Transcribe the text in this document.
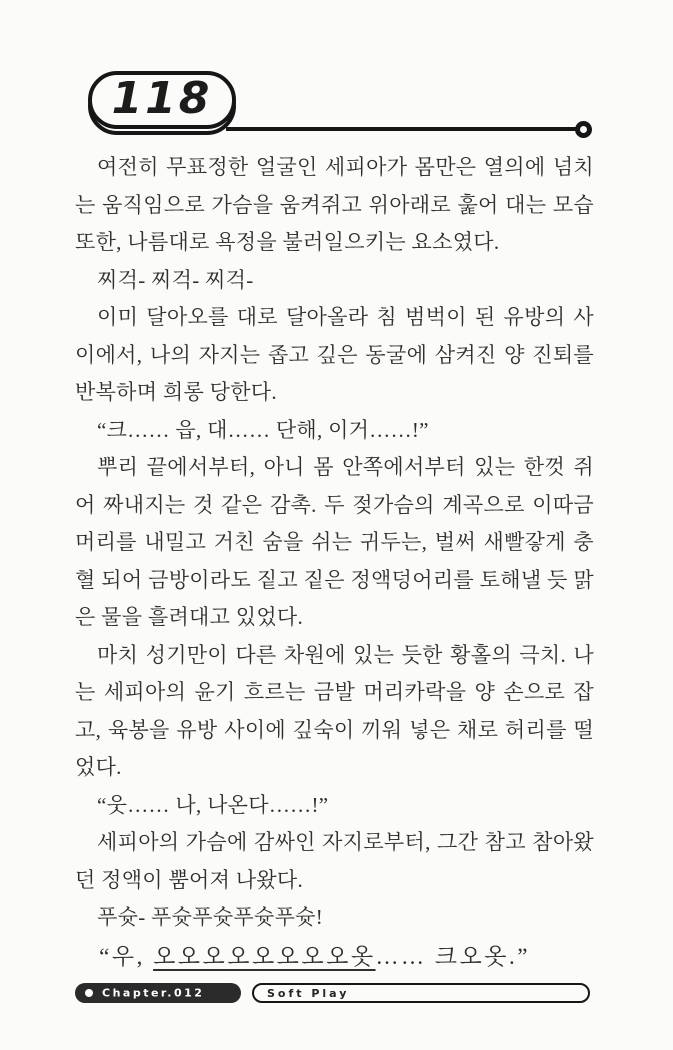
118

여전히 무표정한 얼굴인 세피아가 몸만은 열의에 넘치는 움직임으로 가슴을 움켜쥐고 위아래로 훑어 대는 모습 또한, 나름대로 욕정을 불러일으키는 요소였다.

찌걱- 찌걱- 찌걱-

이미 달아오를 대로 달아올라 침 범벅이 된 유방의 사이에서, 나의 자지는 좁고 깊은 동굴에 삼켜진 양 진퇴를 반복하며 희롱 당한다.

“크…… 읍, 대…… 단해, 이거……!”

뿌리 끝에서부터, 아니 몸 안쪽에서부터 있는 한껏 쥐어 짜내지는 것 같은 감촉. 두 젖가슴의 계곡으로 이따금 머리를 내밀고 거친 숨을 쉬는 귀두는, 벌써 새빨갛게 충혈 되어 금방이라도 짙고 짙은 정액덩어리를 토해낼 듯 맑은 물을 흘려대고 있었다.

마치 성기만이 다른 차원에 있는 듯한 황홀의 극치. 나는 세피아의 윤기 흐르는 금발 머리카락을 양 손으로 잡고, 육봉을 유방 사이에 깊숙이 끼워 넣은 채로 허리를 떨었다.

“웃…… 나, 나온다……!”

세피아의 가슴에 감싸인 자지로부터, 그간 참고 참아왔던 정액이 뿜어져 나왔다.

푸슛- 푸슛푸슛푸슛푸슛!

“우, 오오오오오오오오옷…… 크오옷.”

Chapter.012	Soft Play
